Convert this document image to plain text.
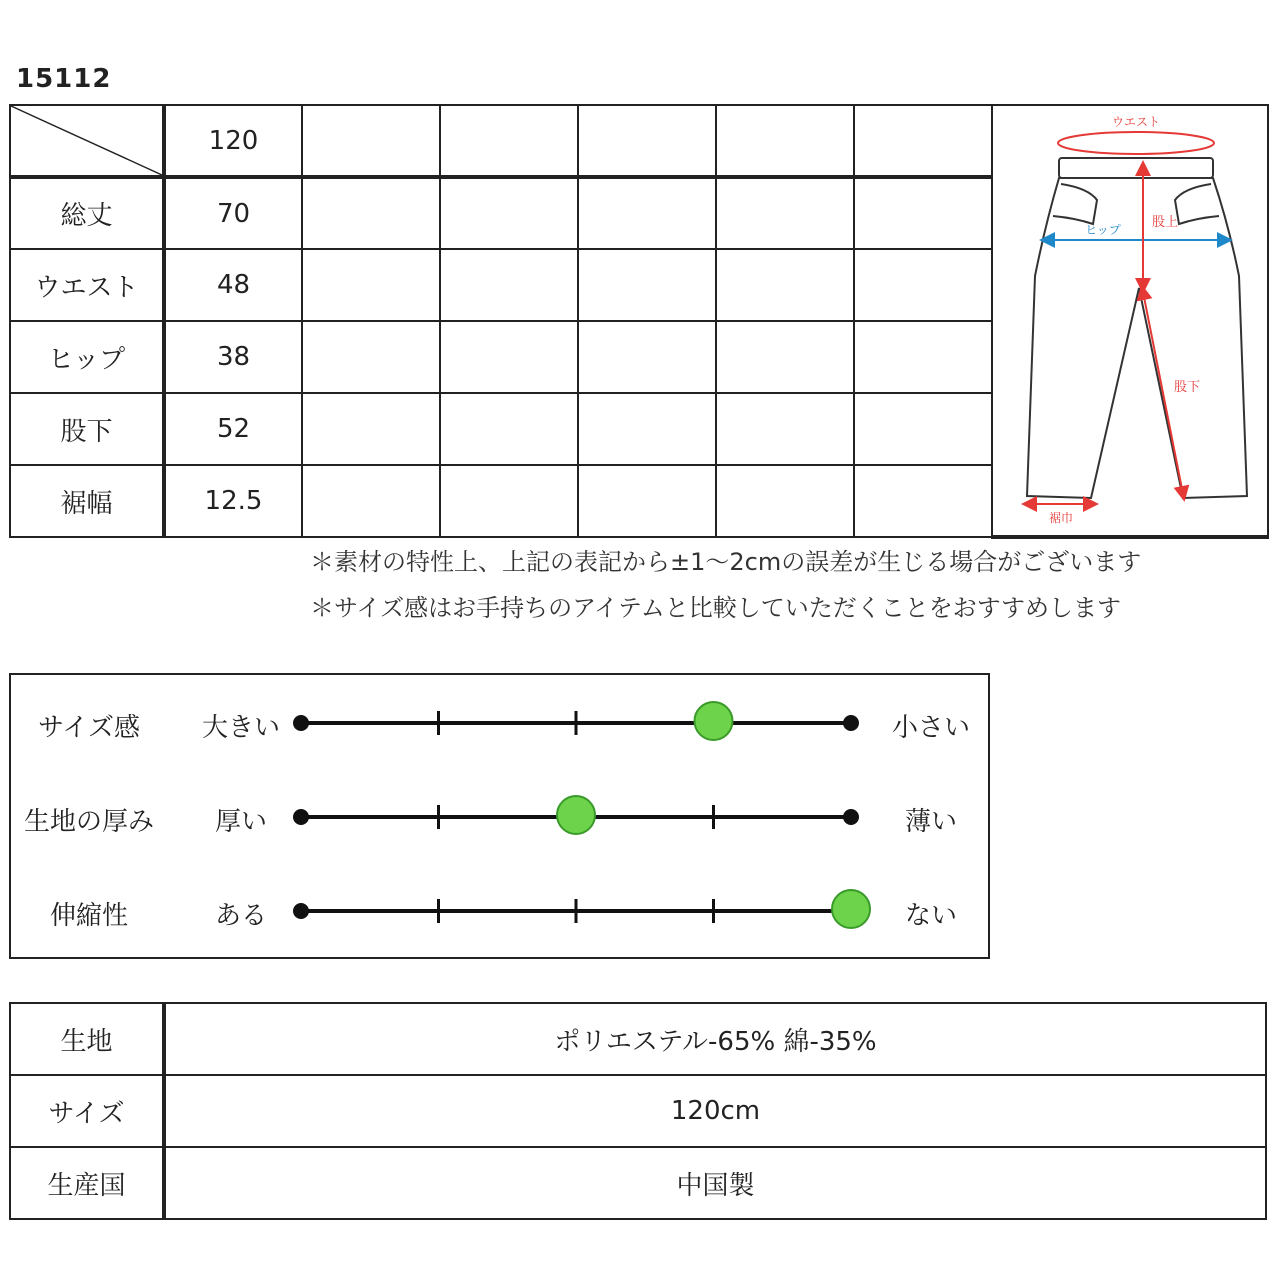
15112
	120						ウエスト
ヒップ 股上
股下
裾巾

総丈	70						
ウエスト	48						
ヒップ	38						
股下	52						
裾幅	12.5						
＊素材の特性上、上記の表記から±1〜2cmの誤差が生じる場合がございます
＊サイズ感はお手持ちのアイテムと比較していただくことをおすすめします
サイズ感	大きい	小さい
生地の厚み	厚い	薄い
伸縮性	ある	ない
生地	ポリエステル-65% 綿-35%
サイズ	120cm
生産国	中国製
